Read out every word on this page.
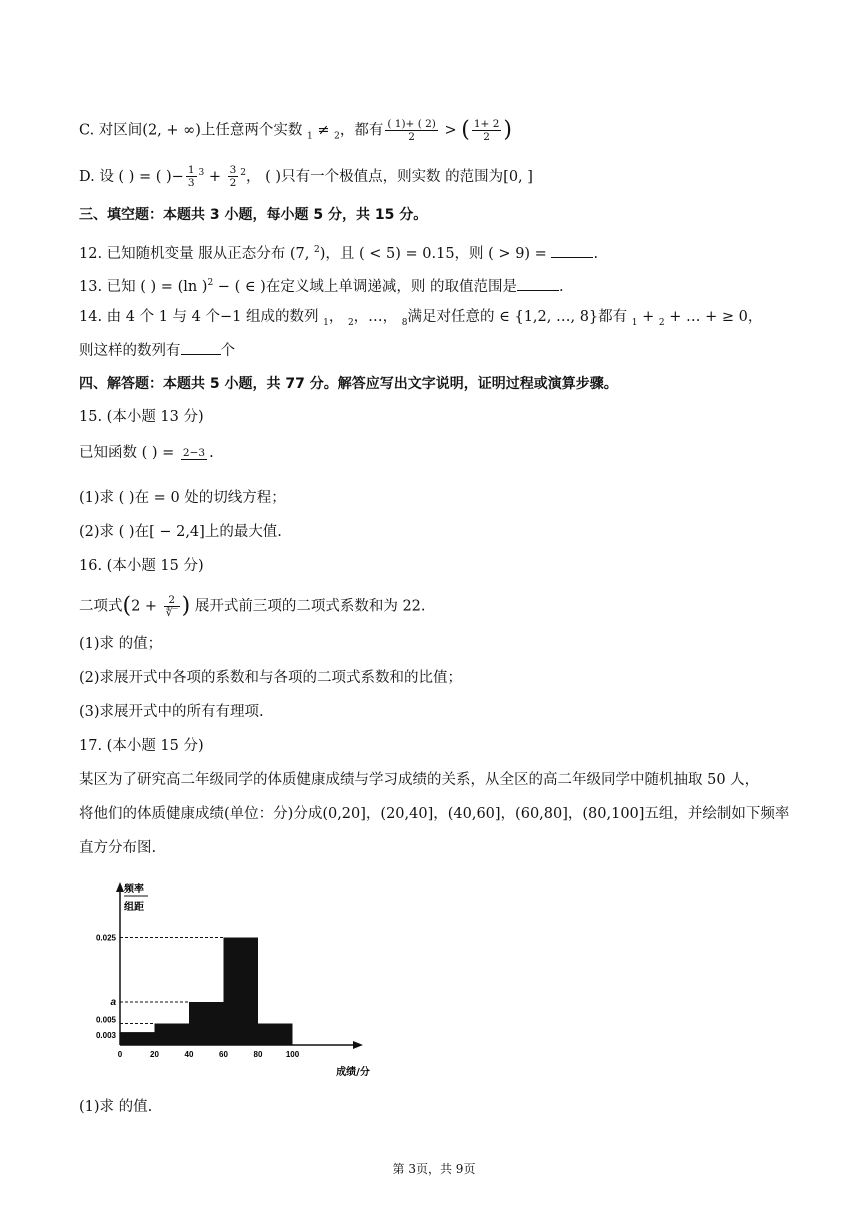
C. 对区间(2, + ∞)上任意两个实数 $_1$ ≠ $_2$，都有 $\frac{( 1)+ ( 2)}{2}$ > ( $\frac{1+ 2}{2}$ )
D. 设 ( ) = ( )− $\frac{1}{3} ^3 + \frac{3}{2} ^2$， ( )只有一个极值点，则实数 的范围为[0, ]
三、填空题：本题共 3 小题，每小题 5 分，共 15 分。
12. 已知随机变量 服从正态分布 (7, $^2$)，且 ( < 5) = 0.15，则 ( > 9) =	.
13. 已知 ( ) = (ln )$^2$ − ( ∈ )在定义域上单调递减，则 的取值范围是	.
14. 由 4 个 1 与 4 个−1 组成的数列 $_1$， $_2$，…， $_8$满足对任意的 ∈ {1,2, …, 8}都有 $_1$ + $_2$ + … + ≥ 0，
则这样的数列有	个
四、解答题：本题共 5 小题，共 77 分。解答应写出文字说明，证明过程或演算步骤。
15. (本小题 13 分)
已知函数 ( ) = 2−3 .
(1)求 ( )在 = 0 处的切线方程；
(2)求 ( )在[ − 2,4]上的最大值.
16. (本小题 15 分)
二项式($2 + \frac{2}{∜‾}$ ) 展开式前三项的二项式系数和为 22.
(1)求 的值；
(2)求展开式中各项的系数和与各项的二项式系数和的比值；
(3)求展开式中的所有有理项.
17. (本小题 15 分)
某区为了研究高二年级同学的体质健康成绩与学习成绩的关系，从全区的高二年级同学中随机抽取 50 人，
将他们的体质健康成绩(单位：分)分成(0,20]，(20,40]，(40,60]，(60,80]，(80,100]五组，并绘制如下频率
直方分布图.
0.025
a
0.005
0.003
0	20	40	60	80	100
频率
组距
成绩/分
(1)求 的值.
第 3页，共 9页
